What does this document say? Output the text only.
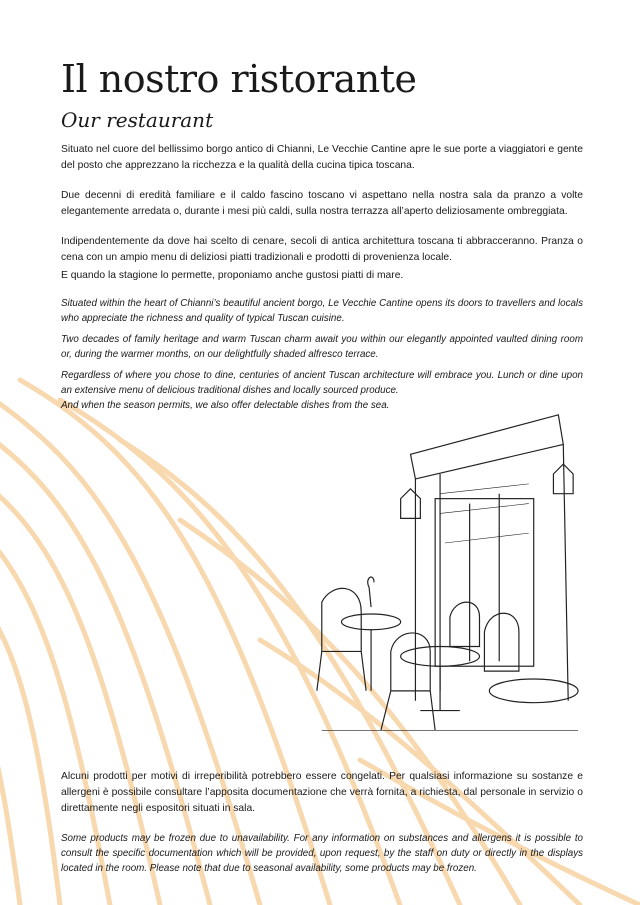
Il nostro ristorante
Our restaurant

Situato nel cuore del bellissimo borgo antico di Chianni, Le Vecchie Cantine apre le sue porte a viaggiatori e gente del posto che apprezzano la ricchezza e la qualità della cucina tipica toscana.

Due decenni di eredità familiare e il caldo fascino toscano vi aspettano nella nostra sala da pranzo a volte elegantemente arredata o, durante i mesi più caldi, sulla nostra terrazza all’aperto deliziosamente ombreggiata.

Indipendentemente da dove hai scelto di cenare, secoli di antica architettura toscana ti abbracceranno. Pranza o cena con un ampio menu di deliziosi piatti tradizionali e prodotti di provenienza locale.

E quando la stagione lo permette, proponiamo anche gustosi piatti di mare.

Situated within the heart of Chianni’s beautiful ancient borgo, Le Vecchie Cantine opens its doors to travellers and locals who appreciate the richness and quality of typical Tuscan cuisine.

Two decades of family heritage and warm Tuscan charm await you within our elegantly appointed vaulted dining room or, during the warmer months, on our delightfully shaded alfresco terrace.

Regardless of where you chose to dine, centuries of ancient Tuscan architecture will embrace you. Lunch or dine upon an extensive menu of delicious traditional dishes and locally sourced produce.

And when the season permits, we also offer delectable dishes from the sea.

Alcuni prodotti per motivi di irreperibilità potrebbero essere congelati. Per qualsiasi informazione su sostanze e allergeni è possibile consultare l’apposita documentazione che verrà fornita, a richiesta, dal personale in servizio o direttamente negli espositori situati in sala.

Some products may be frozen due to unavailability. For any information on substances and allergens it is possible to consult the specific documentation which will be provided, upon request, by the staff on duty or directly in the displays located in the room. Please note that due to seasonal availability, some products may be frozen.
